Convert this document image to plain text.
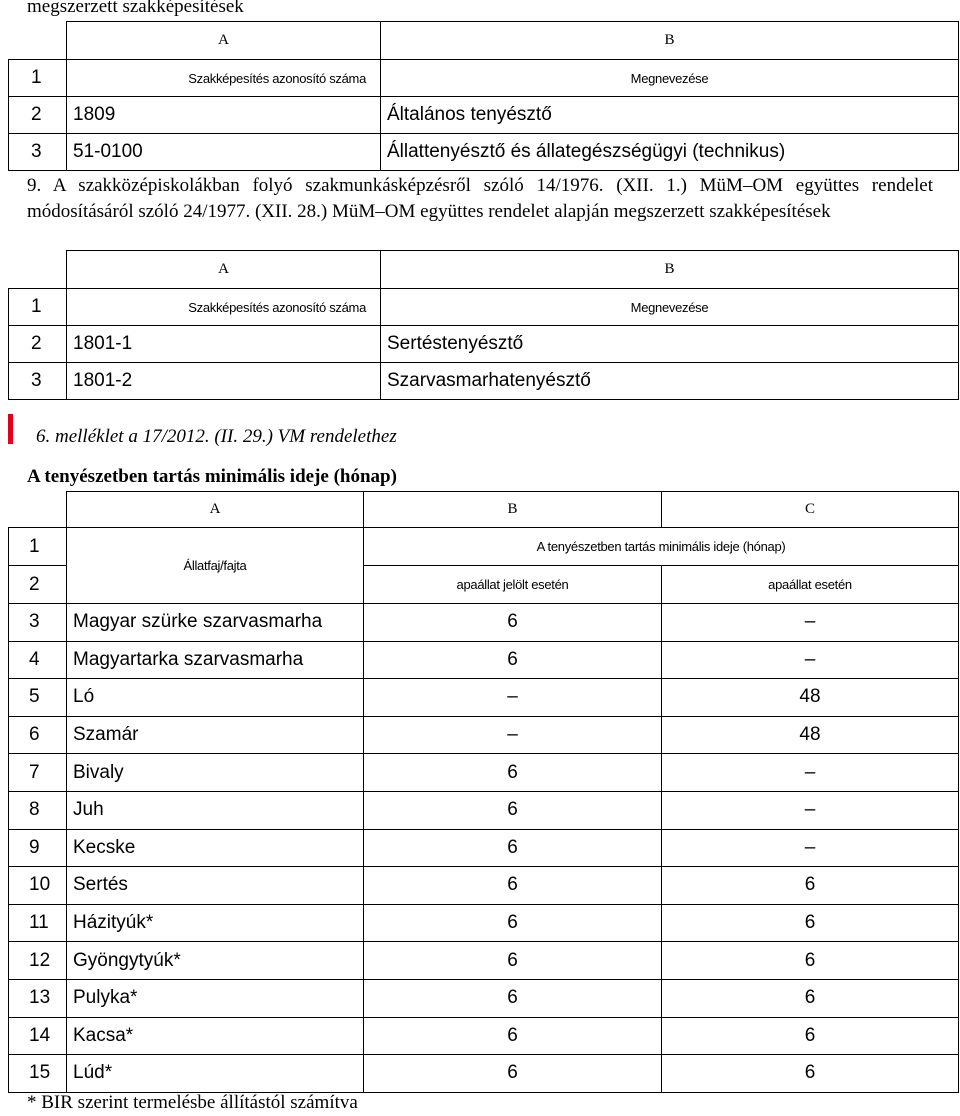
megszerzett szakképesítések
	A	B
1	Szakképesítés azonosító száma	Megnevezése
2	1809	Általános tenyésztő
3	51-0100	Állattenyésztő és állategészségügyi (technikus)
9. A szakközépiskolákban folyó szakmunkásképzésről szóló 14/1976. (XII. 1.) MüM–OM együttes rendelet módosításáról szóló 24/1977. (XII. 28.) MüM–OM együttes rendelet alapján megszerzett szakképesítések
	A	B
1	Szakképesítés azonosító száma	Megnevezése
2	1801-1	Sertéstenyésztő
3	1801-2	Szarvasmarhatenyésztő
6. melléklet a 17/2012. (II. 29.) VM rendelethez
A tenyészetben tartás minimális ideje (hónap)
	A	B	C
1	Állatfaj/fajta	A tenyészetben tartás minimális ideje (hónap)	
2		apaállat jelölt esetén	apaállat esetén
3	Magyar szürke szarvasmarha	6	–
4	Magyartarka szarvasmarha	6	–
5	Ló	–	48
6	Szamár	–	48
7	Bivaly	6	–
8	Juh	6	–
9	Kecske	6	–
10	Sertés	6	6
11	Házityúk*	6	6
12	Gyöngytyúk*	6	6
13	Pulyka*	6	6
14	Kacsa*	6	6
15	Lúd*	6	6
* BIR szerint termelésbe állítástól számítva
